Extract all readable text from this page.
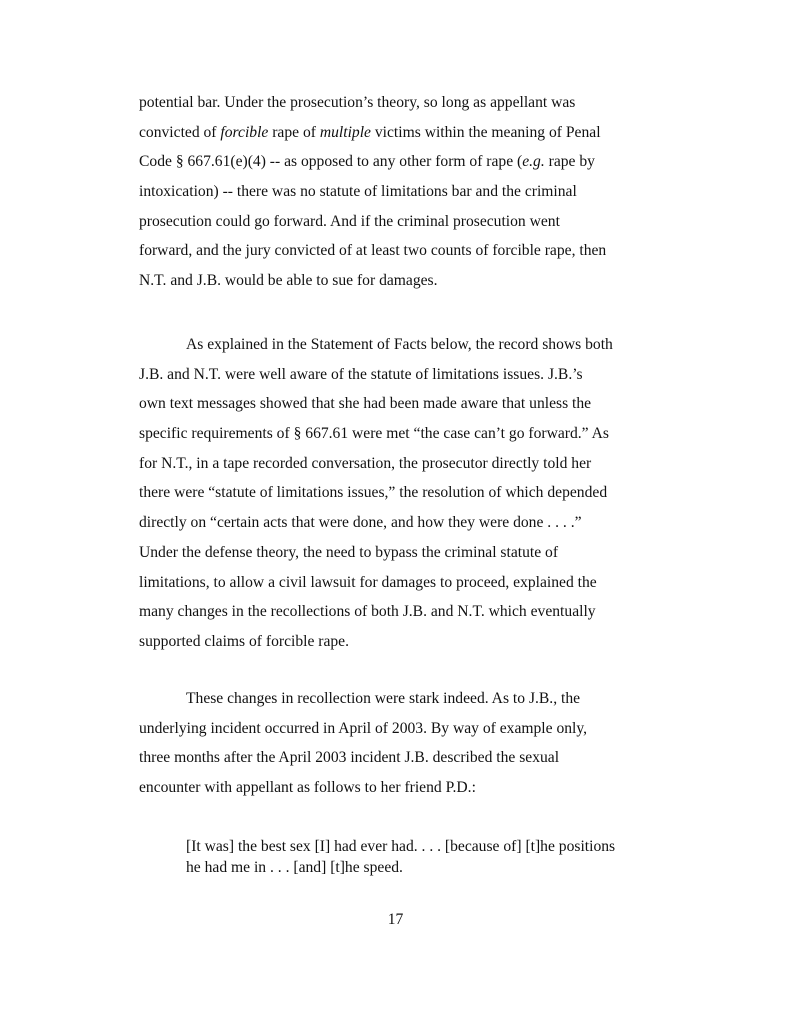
potential bar. Under the prosecution’s theory, so long as appellant was
convicted of forcible rape of multiple victims within the meaning of Penal
Code § 667.61(e)(4) -- as opposed to any other form of rape (e.g. rape by
intoxication) -- there was no statute of limitations bar and the criminal
prosecution could go forward. And if the criminal prosecution went
forward, and the jury convicted of at least two counts of forcible rape, then
N.T. and J.B. would be able to sue for damages.
As explained in the Statement of Facts below, the record shows both
J.B. and N.T. were well aware of the statute of limitations issues. J.B.’s
own text messages showed that she had been made aware that unless the
specific requirements of § 667.61 were met “the case can’t go forward.” As
for N.T., in a tape recorded conversation, the prosecutor directly told her
there were “statute of limitations issues,” the resolution of which depended
directly on “certain acts that were done, and how they were done . . . .”
Under the defense theory, the need to bypass the criminal statute of
limitations, to allow a civil lawsuit for damages to proceed, explained the
many changes in the recollections of both J.B. and N.T. which eventually
supported claims of forcible rape.
These changes in recollection were stark indeed. As to J.B., the
underlying incident occurred in April of 2003. By way of example only,
three months after the April 2003 incident J.B. described the sexual
encounter with appellant as follows to her friend P.D.:
[It was] the best sex [I] had ever had. . . . [because of] [t]he positions
he had me in . . . [and] [t]he speed.

17
